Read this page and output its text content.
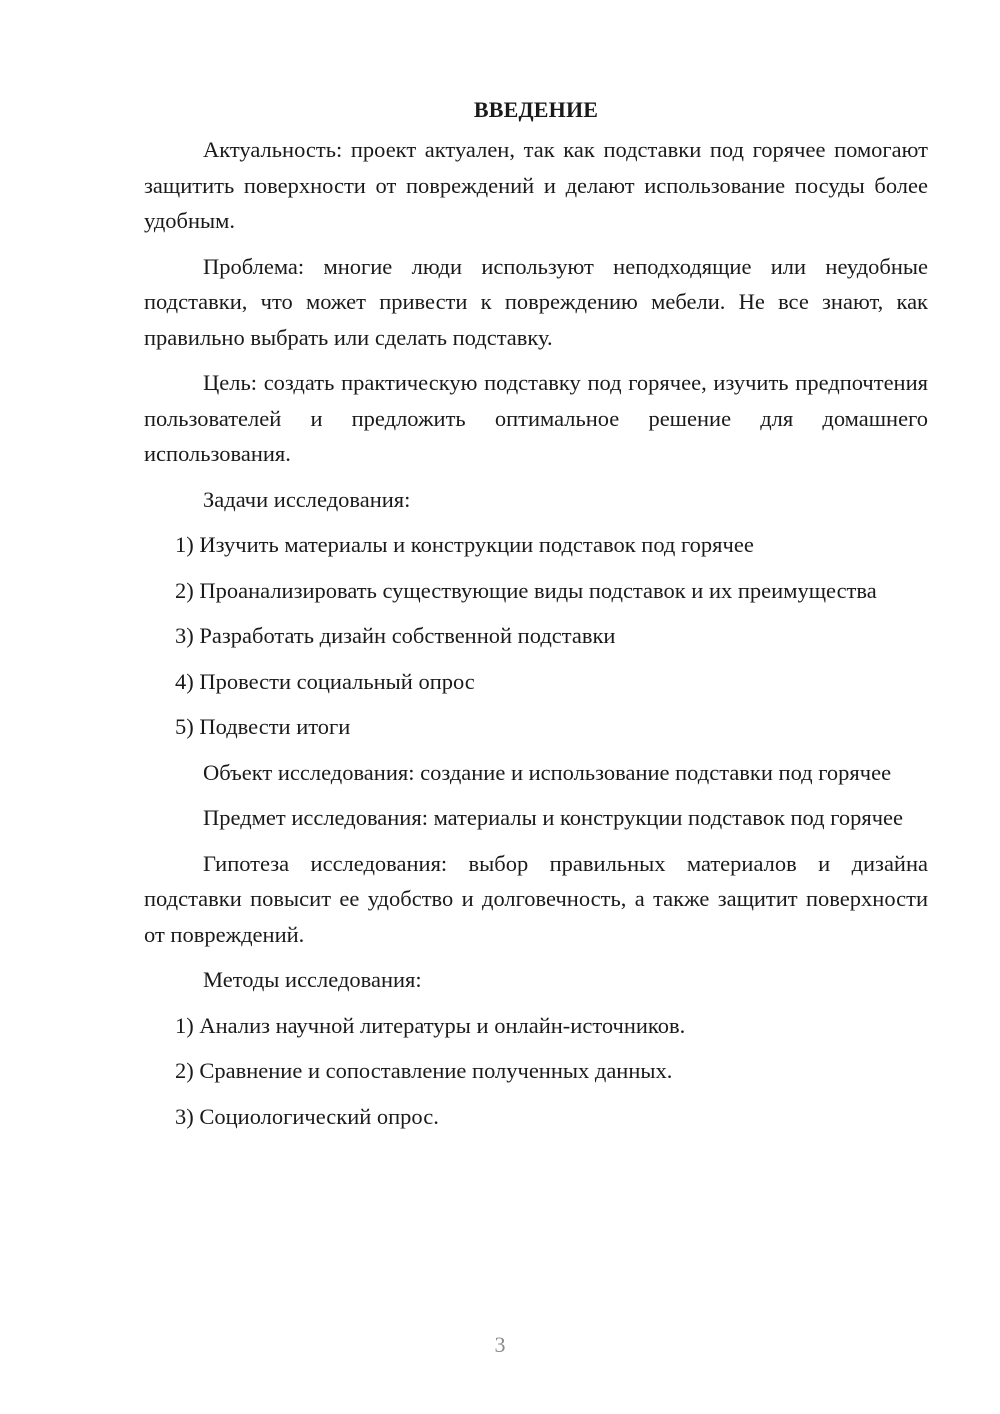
ВВЕДЕНИЕ

Актуальность: проект актуален, так как подставки под горячее помогают защитить поверхности от повреждений и делают использование посуды более удобным.

Проблема: многие люди используют неподходящие или неудобные подставки, что может привести к повреждению мебели. Не все знают, как правильно выбрать или сделать подставку.

Цель: создать практическую подставку под горячее, изучить предпочтения пользователей и предложить оптимальное решение для домашнего использования.

Задачи исследования:

1) Изучить материалы и конструкции подставок под горячее

2) Проанализировать существующие виды подставок и их преимущества

3) Разработать дизайн собственной подставки

4) Провести социальный опрос

5) Подвести итоги

Объект исследования: создание и использование подставки под горячее

Предмет исследования: материалы и конструкции подставок под горячее

Гипотеза исследования: выбор правильных материалов и дизайна подставки повысит ее удобство и долговечность, а также защитит поверхности от повреждений.

Методы исследования:

1) Анализ научной литературы и онлайн-источников.

2) Сравнение и сопоставление полученных данных.

3) Социологический опрос.

3
